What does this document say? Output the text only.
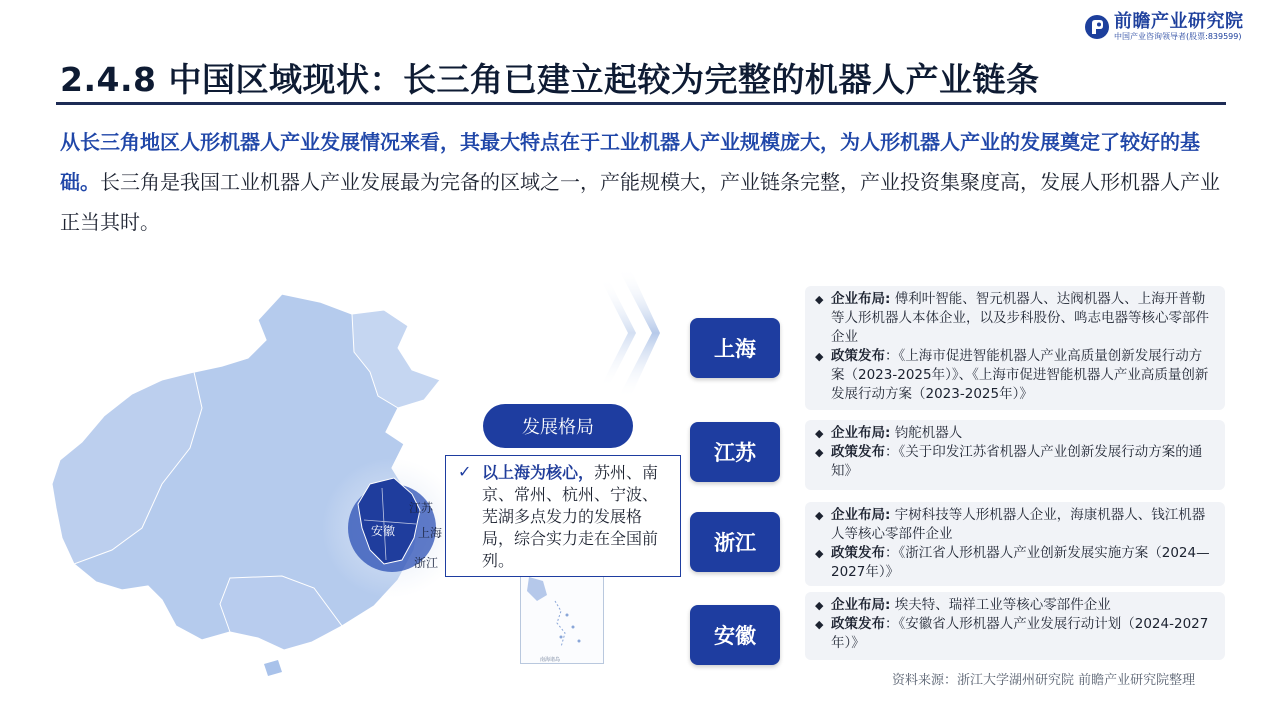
前瞻产业研究院
中国产业咨询领导者(股票:839599)
2.4.8 中国区域现状：长三角已建立起较为完整的机器人产业链条
从长三角地区人形机器人产业发展情况来看，其最大特点在于工业机器人产业规模庞大，为人形机器人产业的发展奠定了较好的基础。长三角是我国工业机器人产业发展最为完备的区域之一，产能规模大，产业链条完整，产业投资集聚度高，发展人形机器人产业正当其时。
江苏
安徽 上海
浙江
南海诸岛
发展格局
✓ 以上海为核心，苏州、南京、常州、杭州、宁波、芜湖多点发力的发展格局，综合实力走在全国前列。
上海
◆ 企业布局: 傅利叶智能、智元机器人、达阀机器人、上海开普勒等人形机器人本体企业，以及步科股份、鸣志电器等核心零部件企业
◆ 政策发布：《上海市促进智能机器人产业高质量创新发展行动方案（2023-2025年）》、《上海市促进智能机器人产业高质量创新发展行动方案（2023-2025年）》
江苏
◆ 企业布局: 钧舵机器人
◆ 政策发布：《关于印发江苏省机器人产业创新发展行动方案的通知》
浙江
◆ 企业布局: 宇树科技等人形机器人企业，海康机器人、钱江机器人等核心零部件企业
◆ 政策发布：《浙江省人形机器人产业创新发展实施方案（2024—2027年）》
安徽
◆ 企业布局: 埃夫特、瑞祥工业等核心零部件企业
◆ 政策发布：《安徽省人形机器人产业发展行动计划（2024-2027年）》
资料来源：浙江大学湖州研究院 前瞻产业研究院整理
